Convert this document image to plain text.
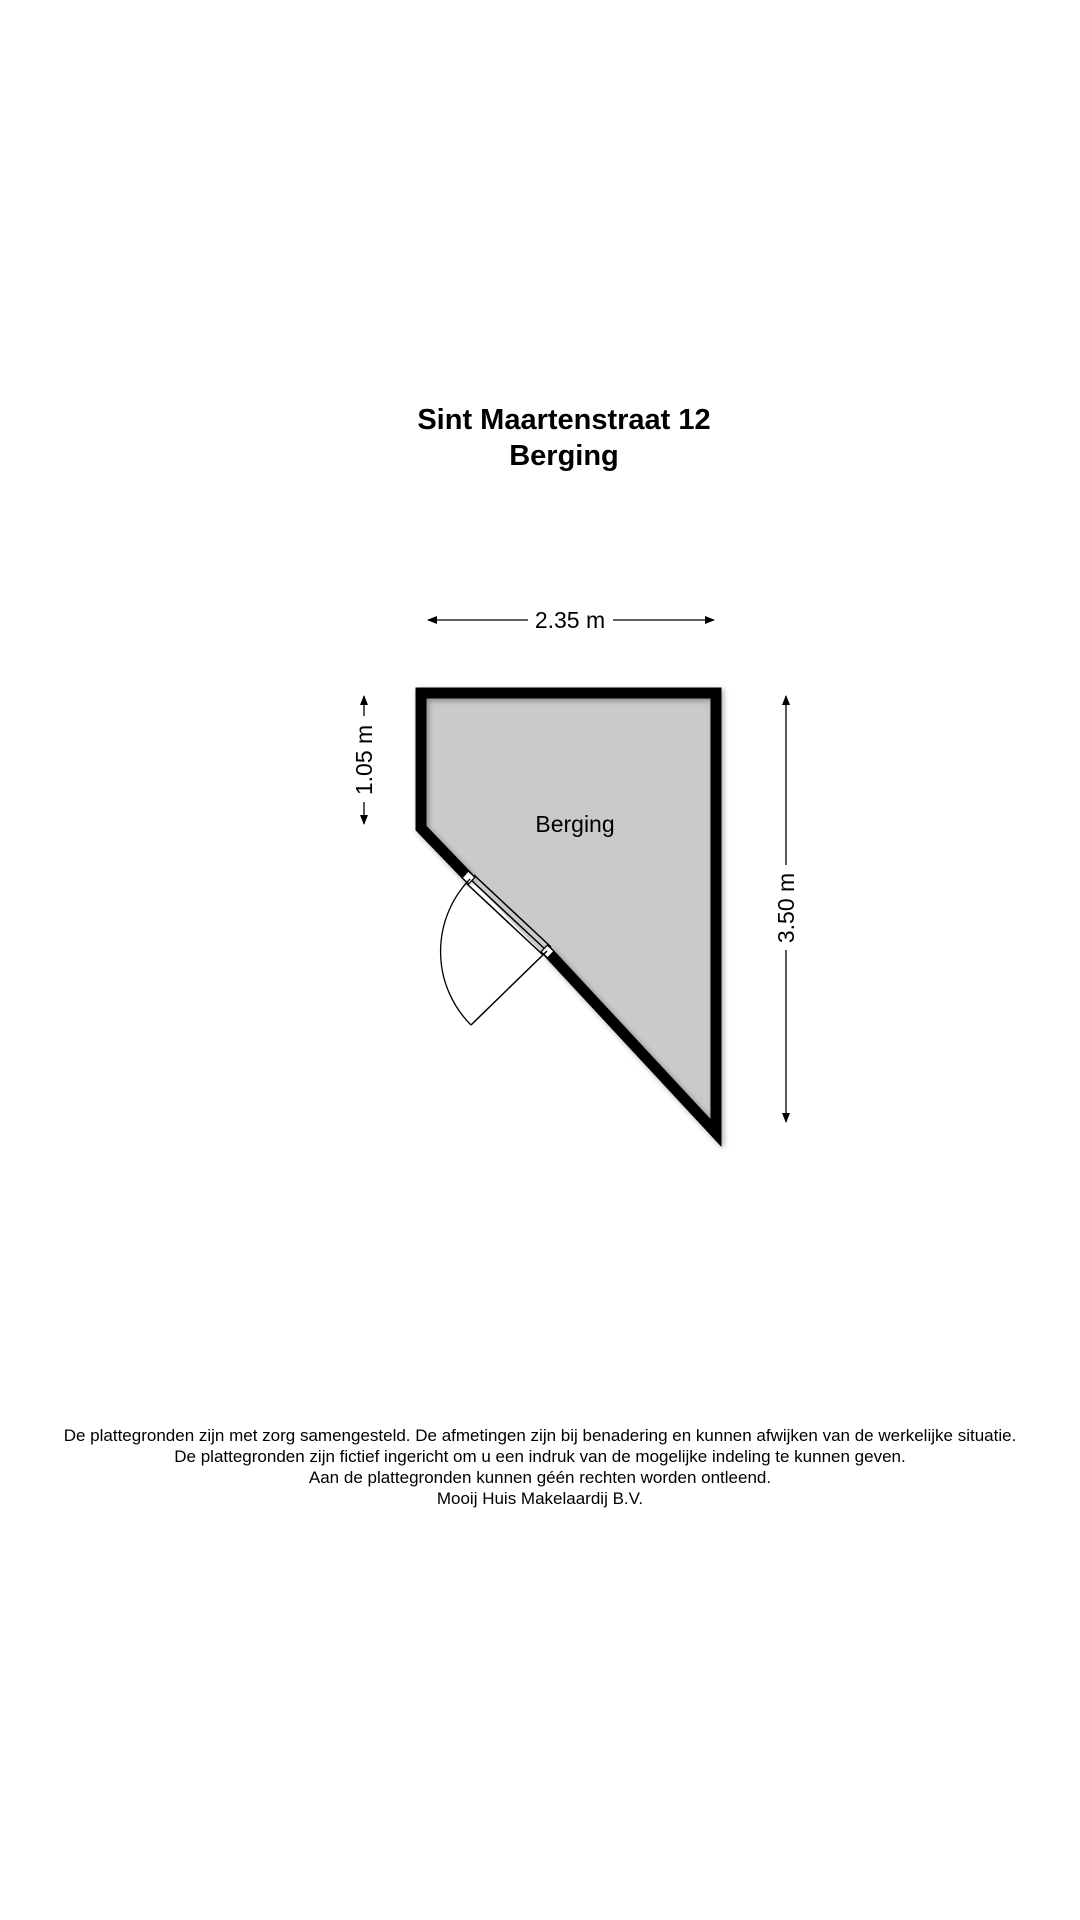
Sint Maartenstraat 12
Berging
Berging
2.35 m
3.50 m
1.05 m
De plattegronden zijn met zorg samengesteld. De afmetingen zijn bij benadering en kunnen afwijken van de werkelijke situatie.
De plattegronden zijn fictief ingericht om u een indruk van de mogelijke indeling te kunnen geven.
Aan de plattegronden kunnen géén rechten worden ontleend.
Mooij Huis Makelaardij B.V.
